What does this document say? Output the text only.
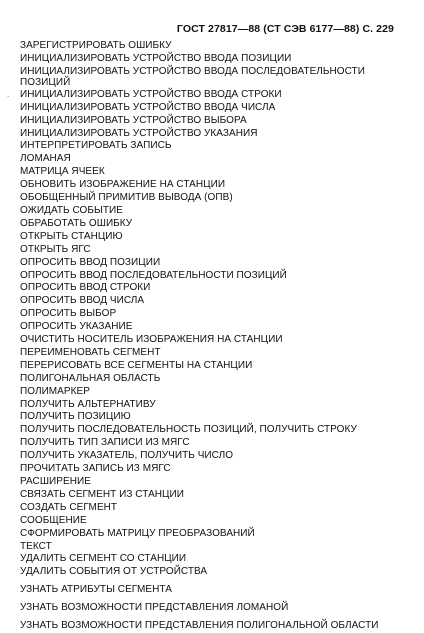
ГОСТ 27817—88 (СТ СЭВ 6177—88) С. 229
.
ЗАРЕГИСТРИРОВАТЬ ОШИБКУ
ИНИЦИАЛИЗИРОВАТЬ УСТРОЙСТВО ВВОДА ПОЗИЦИИ
ИНИЦИАЛИЗИРОВАТЬ УСТРОЙСТВО ВВОДА ПОСЛЕДОВАТЕЛЬНОСТИ ПОЗИЦИЙ
ИНИЦИАЛИЗИРОВАТЬ УСТРОЙСТВО ВВОДА СТРОКИ
ИНИЦИАЛИЗИРОВАТЬ УСТРОЙСТВО ВВОДА ЧИСЛА
ИНИЦИАЛИЗИРОВАТЬ УСТРОЙСТВО ВЫБОРА
ИНИЦИАЛИЗИРОВАТЬ УСТРОЙСТВО УКАЗАНИЯ
ИНТЕРПРЕТИРОВАТЬ ЗАПИСЬ
ЛОМАНАЯ
МАТРИЦА ЯЧЕЕК
ОБНОВИТЬ ИЗОБРАЖЕНИЕ НА СТАНЦИИ
ОБОБЩЕННЫЙ ПРИМИТИВ ВЫВОДА (ОПВ)
ОЖИДАТЬ СОБЫТИЕ
ОБРАБОТАТЬ ОШИБКУ
ОТКРЫТЬ СТАНЦИЮ
ОТКРЫТЬ ЯГС
ОПРОСИТЬ ВВОД ПОЗИЦИИ
ОПРОСИТЬ ВВОД ПОСЛЕДОВАТЕЛЬНОСТИ ПОЗИЦИЙ
ОПРОСИТЬ ВВОД СТРОКИ
ОПРОСИТЬ ВВОД ЧИСЛА
ОПРОСИТЬ ВЫБОР
ОПРОСИТЬ УКАЗАНИЕ
ОЧИСТИТЬ НОСИТЕЛЬ ИЗОБРАЖЕНИЯ НА СТАНЦИИ
ПЕРЕИМЕНОВАТЬ СЕГМЕНТ
ПЕРЕРИСОВАТЬ ВСЕ СЕГМЕНТЫ НА СТАНЦИИ
ПОЛИГОНАЛЬНАЯ ОБЛАСТЬ
ПОЛИМАРКЕР
ПОЛУЧИТЬ АЛЬТЕРНАТИВУ
ПОЛУЧИТЬ ПОЗИЦИЮ
ПОЛУЧИТЬ ПОСЛЕДОВАТЕЛЬНОСТЬ ПОЗИЦИЙ, ПОЛУЧИТЬ СТРОКУ
ПОЛУЧИТЬ ТИП ЗАПИСИ ИЗ МЯГС
ПОЛУЧИТЬ УКАЗАТЕЛЬ, ПОЛУЧИТЬ ЧИСЛО
ПРОЧИТАТЬ ЗАПИСЬ ИЗ МЯГС
РАСШИРЕНИЕ
СВЯЗАТЬ СЕГМЕНТ ИЗ СТАНЦИИ
СОЗДАТЬ СЕГМЕНТ
СООБЩЕНИЕ
СФОРМИРОВАТЬ МАТРИЦУ ПРЕОБРАЗОВАНИЙ
ТЕКСТ
УДАЛИТЬ СЕГМЕНТ СО СТАНЦИИ
УДАЛИТЬ СОБЫТИЯ ОТ УСТРОЙСТВА
УЗНАТЬ АТРИБУТЫ СЕГМЕНТА
УЗНАТЬ ВОЗМОЖНОСТИ ПРЕДСТАВЛЕНИЯ ЛОМАНОЙ
УЗНАТЬ ВОЗМОЖНОСТИ ПРЕДСТАВЛЕНИЯ ПОЛИГОНАЛЬНОЙ ОБЛАСТИ
